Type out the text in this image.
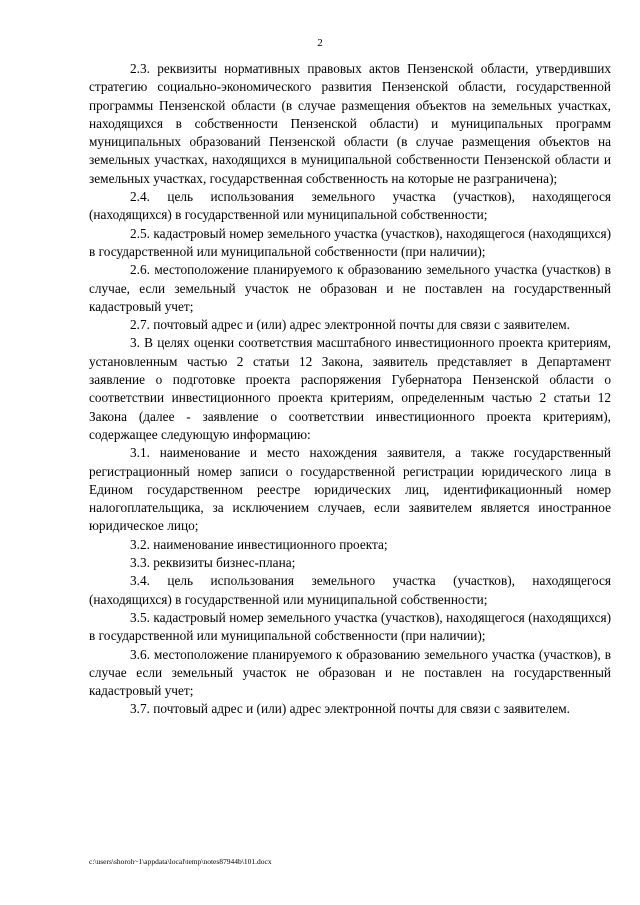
2

2.3. реквизиты нормативных правовых актов Пензенской области, утвердивших стратегию социально-экономического развития Пензенской области, государственной программы Пензенской области (в случае размещения объектов на земельных участках, находящихся в собственности Пензенской области) и муниципальных программ муниципальных образований Пензенской области (в случае размещения объектов на земельных участках, находящихся в муниципальной собственности Пензенской области и земельных участках, государственная собственность на которые не разграничена);

2.4. цель использования земельного участка (участков), находящегося (находящихся) в государственной или муниципальной собственности;

2.5. кадастровый номер земельного участка (участков), находящегося (находящихся) в государственной или муниципальной собственности (при наличии);

2.6. местоположение планируемого к образованию земельного участка (участков) в случае, если земельный участок не образован и не поставлен на государственный кадастровый учет;

2.7. почтовый адрес и (или) адрес электронной почты для связи с заявителем.

3. В целях оценки соответствия масштабного инвестиционного проекта критериям, установленным частью 2 статьи 12 Закона, заявитель представляет в Департамент заявление о подготовке проекта распоряжения Губернатора Пензенской области о соответствии инвестиционного проекта критериям, определенным частью 2 статьи 12 Закона (далее - заявление о соответствии инвестиционного проекта критериям), содержащее следующую информацию:

3.1. наименование и место нахождения заявителя, а также государственный регистрационный номер записи о государственной регистрации юридического лица в Едином государственном реестре юридических лиц, идентификационный номер налогоплательщика, за исключением случаев, если заявителем является иностранное юридическое лицо;

3.2. наименование инвестиционного проекта;

3.3. реквизиты бизнес-плана;

3.4. цель использования земельного участка (участков), находящегося (находящихся) в государственной или муниципальной собственности;

3.5. кадастровый номер земельного участка (участков), находящегося (находящихся) в государственной или муниципальной собственности (при наличии);

3.6. местоположение планируемого к образованию земельного участка (участков), в случае если земельный участок не образован и не поставлен на государственный кадастровый учет;

3.7. почтовый адрес и (или) адрес электронной почты для связи с заявителем.

c:\users\shoroh~1\appdata\local\temp\notes87944b\101.docx
